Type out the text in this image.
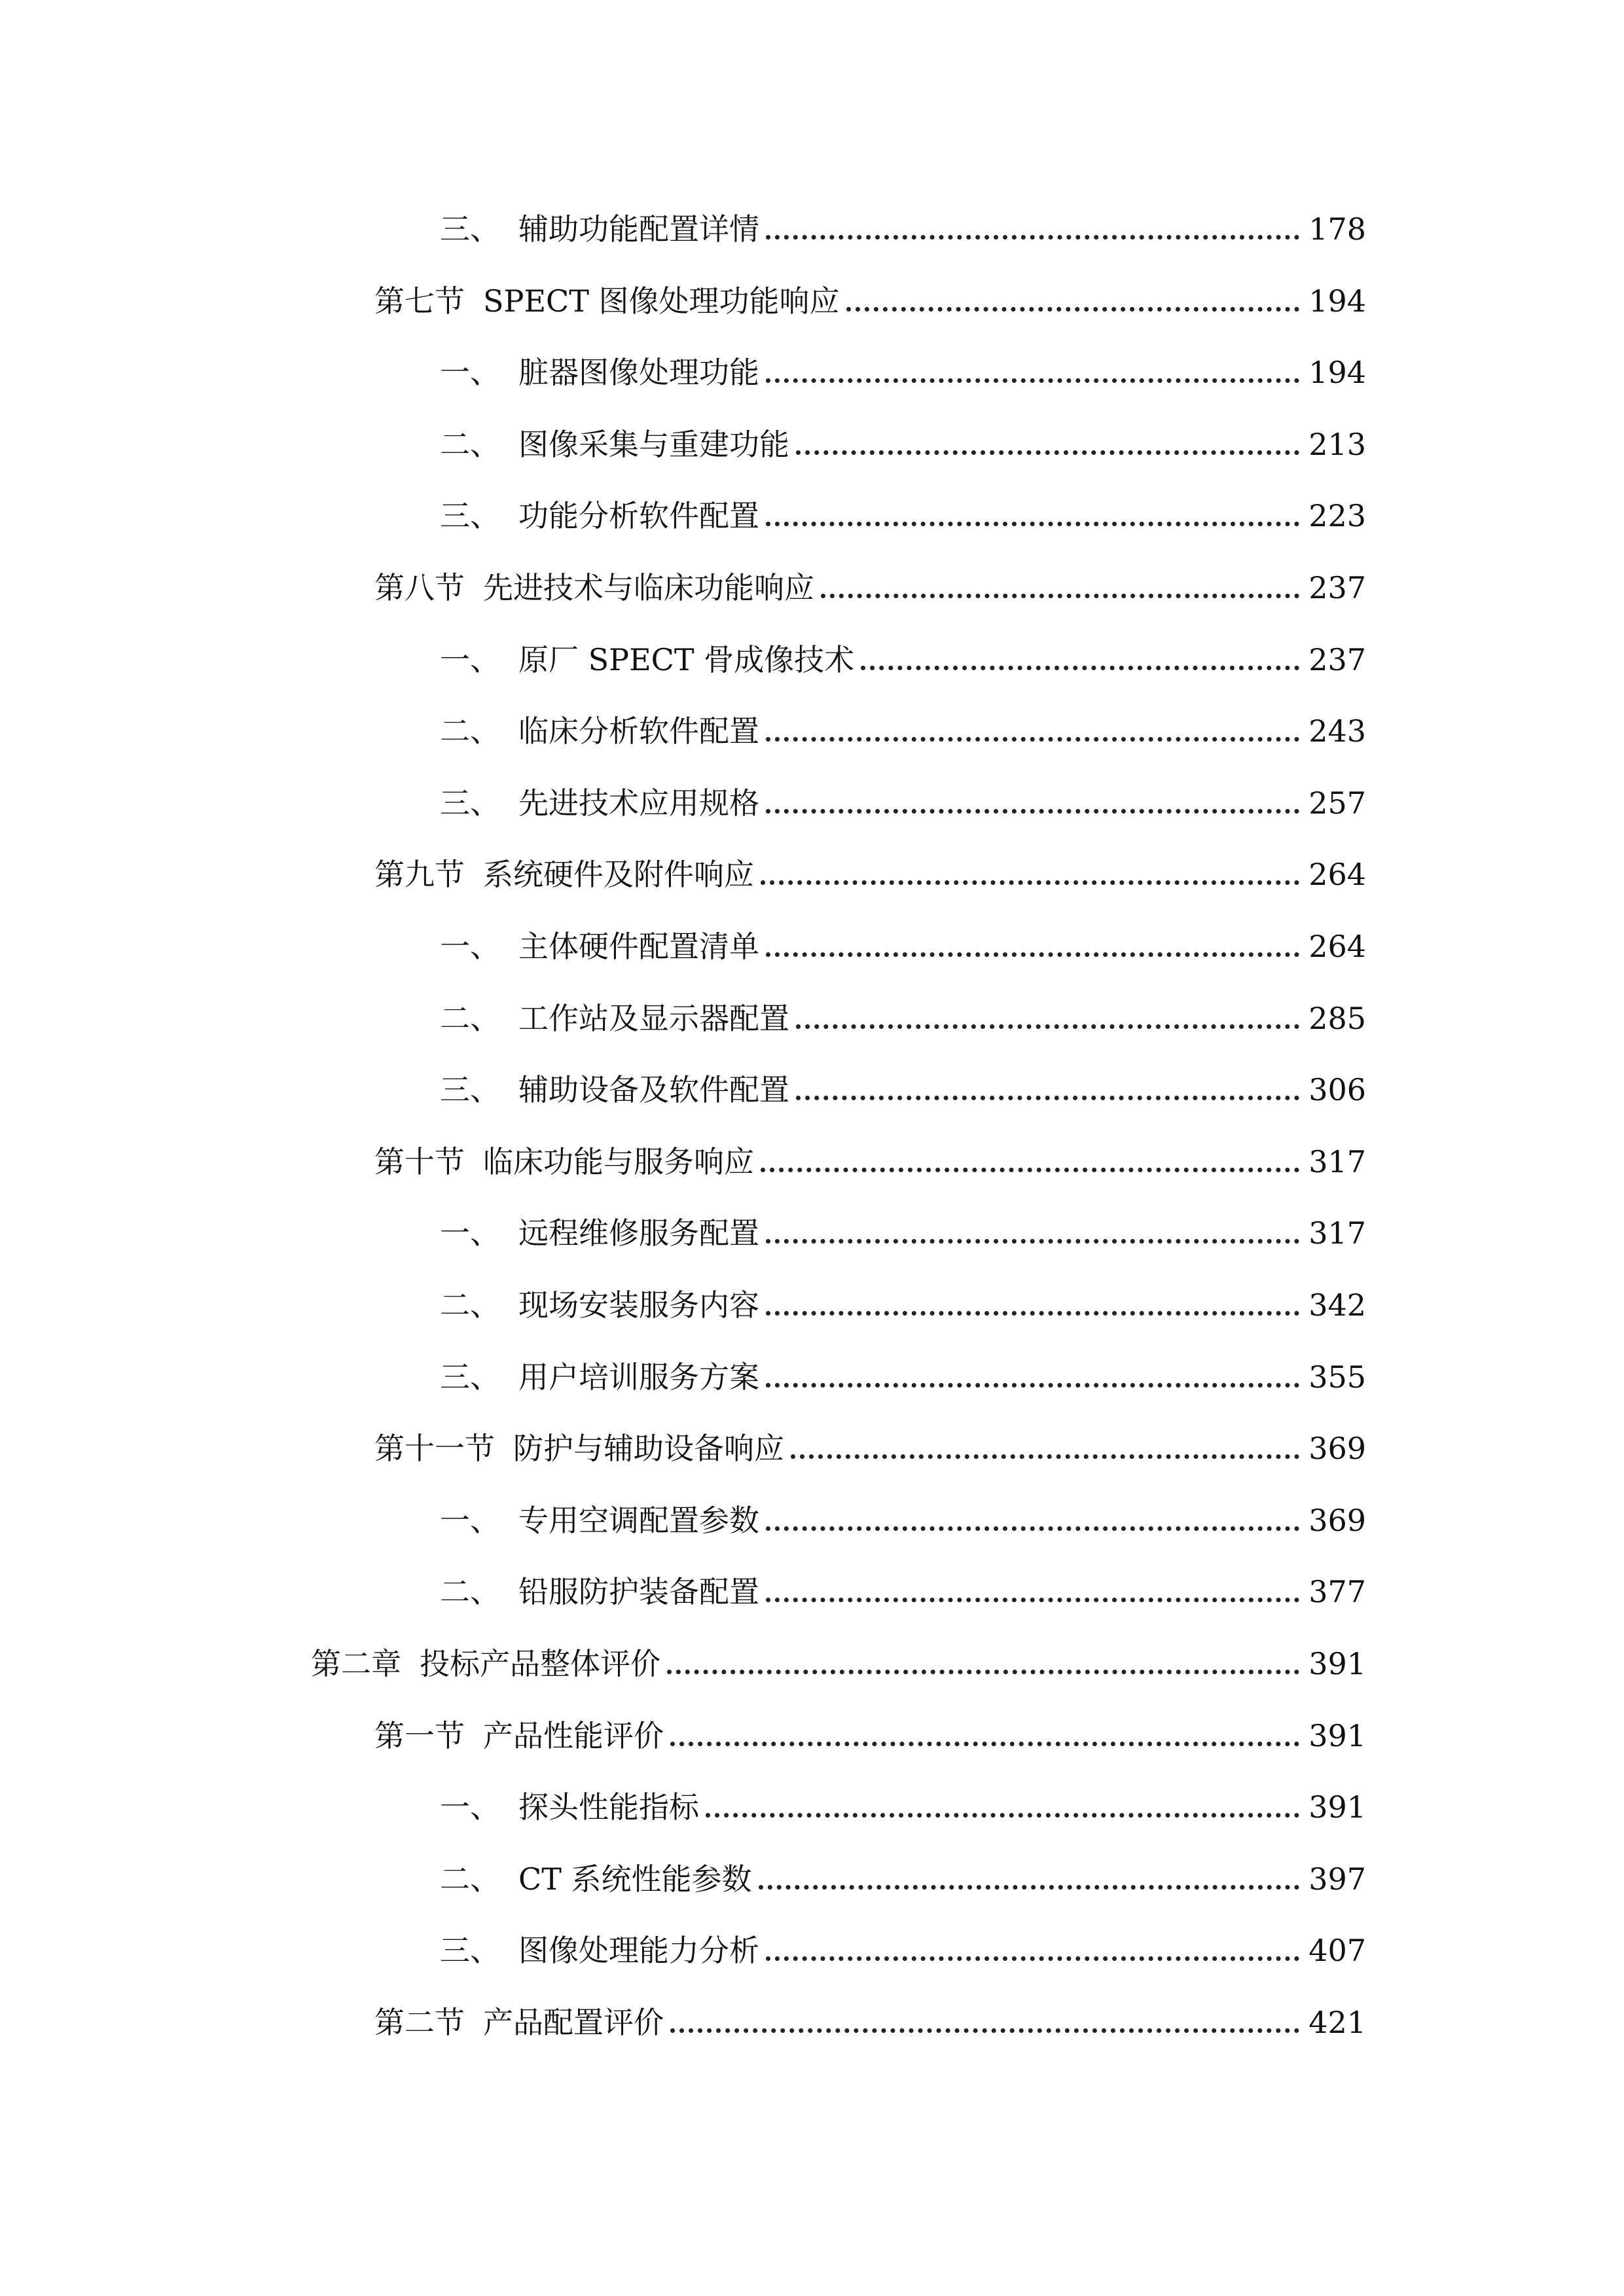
三、 辅助功能配置详情	178
第七节 SPECT 图像处理功能响应	194
一、 脏器图像处理功能	194
二、 图像采集与重建功能	213
三、 功能分析软件配置	223
第八节 先进技术与临床功能响应	237
一、 原厂 SPECT 骨成像技术	237
二、 临床分析软件配置	243
三、 先进技术应用规格	257
第九节 系统硬件及附件响应	264
一、 主体硬件配置清单	264
二、 工作站及显示器配置	285
三、 辅助设备及软件配置	306
第十节 临床功能与服务响应	317
一、 远程维修服务配置	317
二、 现场安装服务内容	342
三、 用户培训服务方案	355
第十一节 防护与辅助设备响应	369
一、 专用空调配置参数	369
二、 铅服防护装备配置	377
第二章 投标产品整体评价	391
第一节 产品性能评价	391
一、 探头性能指标	391
二、 CT 系统性能参数	397
三、 图像处理能力分析	407
第二节 产品配置评价	421
